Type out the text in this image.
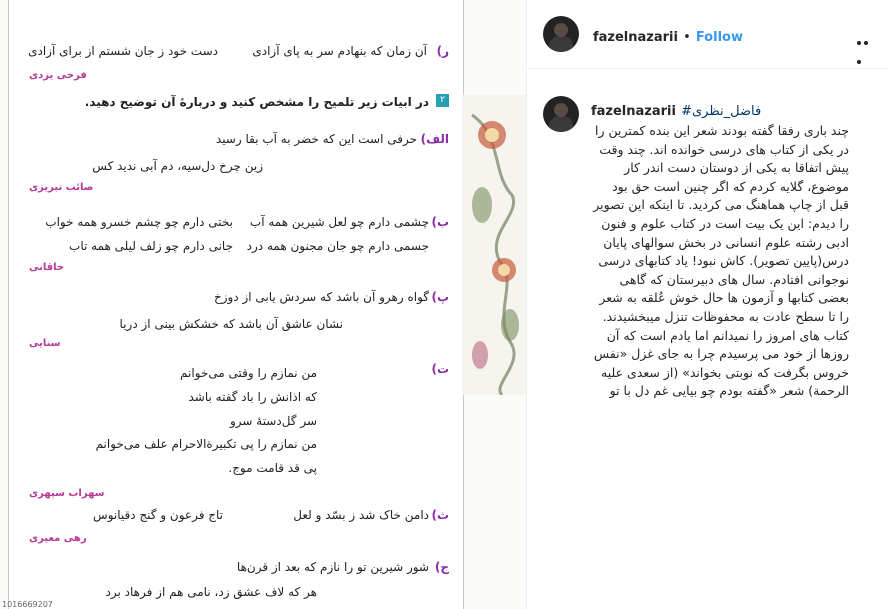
ر)
آن زمان که بنهادم سر به پای آزادی
دست خود ز جان شستم از برای آزادی
فرخی یزدی
۲
در ابیات زیر تلمیح را مشخص کنید و دربارهٔ آن توضیح دهید.
الف)
حرفی است این که خضر به آب بقا رسید
زین چرخ دل‌سیه، دم آبی ندید کس
صائب تبریزی
ب)
چشمی دارم چو لعل شیرین همه آب
بختی دارم چو چشم خسرو همه خواب
جسمی دارم چو جان مجنون همه درد
جانی دارم چو زلف لیلی همه تاب
خاقانی
پ)
گواه رهرو آن باشد که سردش یابی از دوزخ
نشان عاشق آن باشد که خشکش بینی از دریا
سنایی
ت)
من نمازم را وقتی می‌خوانم
که اذانش را باد گفته باشد
سر گل‌دستهٔ سرو
من نمازم را پی تکبیرةالاحرام علف می‌خوانم
پی قد قامت موج.
سهراب سپهری
ث)
دامن خاک شد ز بسّد و لعل
تاج فرعون و گنج دقیانوس
رهی معیری
ج)
شور شیرین تو را نازم که بعد از قرن‌ها
هر که لاف عشق زد، نامی هم از فرهاد برد
1016669207
fazelnazarii • Follow
fazelnazarii #فاضل_نظری
چند باری رفقا گفته بودند شعر این بنده کمترین را در یکی از کتاب های درسی خوانده اند. چند وقت پیش اتفاقا به یکی از دوستان دست اندر کار موضوع، گلایه کردم که اگر چنین است حق بود قبل از چاپ هماهنگ می کردید. تا اینکه این تصویر را دیدم: این یک بیت است در کتاب علوم و فنون ادبی رشته علوم انسانی در بخش سوالهای پایان درس(پایین تصویر). کاش نبود! یاد کتابهای درسی نوجوانی افتادم. سال های دبیرستان که گاهی بعضی کتابها و آزمون ها حال خوش عُلقه به شعر را تا سطح عادت به محفوظات تنزل میبخشیدند. کتاب های امروز را نمیدانم اما یادم است که آن روزها از خود می پرسیدم چرا به جای غزل «نفس خروس بگرفت که نوبتی بخواند» (از سعدی علیه الرحمة) شعر «گفته بودم چو بیایی غم دل با تو
